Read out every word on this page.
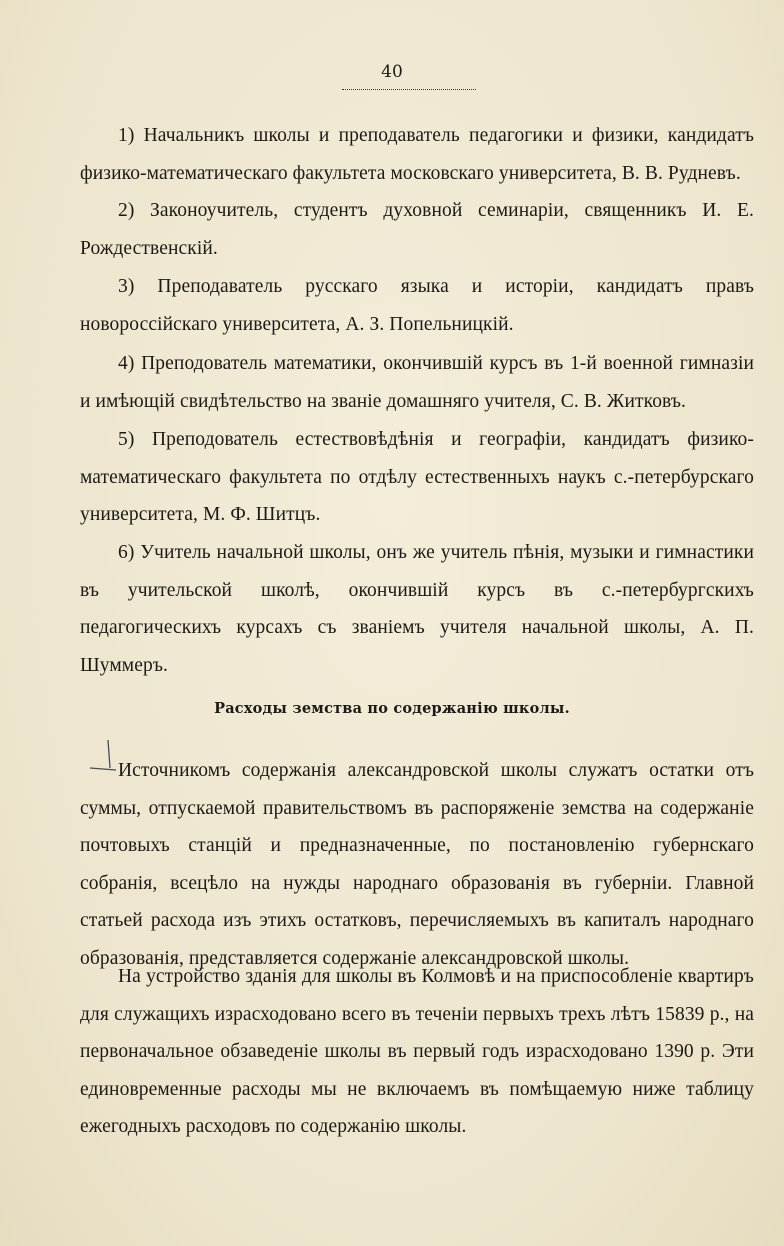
40

1) Начальникъ школы и преподаватель педагогики и физики, кандидатъ физико-математическаго факультета московскаго университета, В. В. Рудневъ.

2) Законоучитель, студентъ духовной семинаріи, священникъ И. Е. Рождественскій.

3) Преподаватель русскаго языка и исторіи, кандидатъ правъ новороссійскаго университета, А. З. Попельницкій.

4) Преподователь математики, окончившій курсъ въ 1-й военной гимназіи и имѣющій свидѣтельство на званіе домашняго учителя, С. В. Житковъ.

5) Преподователь естествовѣдѣнія и географіи, кандидатъ физико-математическаго факультета по отдѣлу естественныхъ наукъ с.-петербурскаго университета, М. Ф. Шитцъ.

6) Учитель начальной школы, онъ же учитель пѣнія, музыки и гимнастики въ учительской школѣ, окончившій курсъ въ с.-петербургскихъ педагогическихъ курсахъ съ званіемъ учителя начальной школы, А. П. Шуммеръ.

Расходы земства по содержанію школы.

Источникомъ содержанія александровской школы служатъ остатки отъ суммы, отпускаемой правительствомъ въ распоряженіе земства на содержаніе почтовыхъ станцій и предназначенные, по постановленію губернскаго собранія, всецѣло на нужды народнаго образованія въ губерніи. Главной статьей расхода изъ этихъ остатковъ, перечисляемыхъ въ капиталъ народнаго образованія, представляется содержаніе александровской школы.

На устройство зданія для школы въ Колмовѣ и на приспособленіе квартиръ для служащихъ израсходовано всего въ теченіи первыхъ трехъ лѣтъ 15839 р., на первоначальное обзаведеніе школы въ первый годъ израсходовано 1390 р. Эти единовременные расходы мы не включаемъ въ помѣщаемую ниже таблицу ежегодныхъ расходовъ по содержанію школы.
